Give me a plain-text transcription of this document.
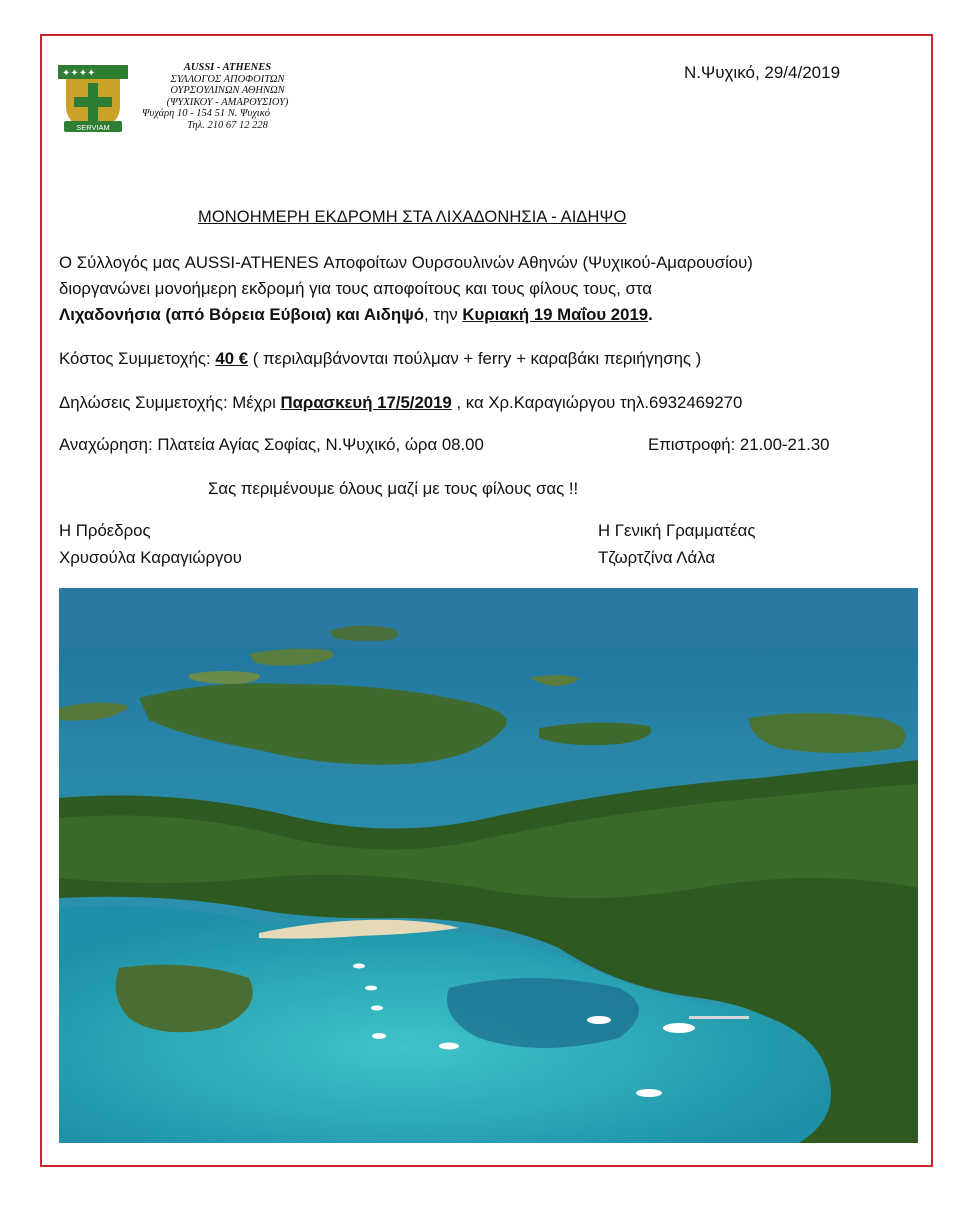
✦✦✦✦
SERVIAM
AUSSI - ATHENES
ΣΥΛΛΟΓΟΣ ΑΠΟΦΟΙΤΩΝ
ΟΥΡΣΟΥΛΙΝΩΝ ΑΘΗΝΩΝ
(ΨΥΧΙΚΟΥ - ΑΜΑΡΟΥΣΙΟΥ)
Ψυχάρη 10 - 154 51 Ν. Ψυχικό
Τηλ. 210 67 12 228
Ν.Ψυχικό, 29/4/2019
ΜΟΝΟΗΜΕΡΗ ΕΚΔΡΟΜΗ ΣΤΑ ΛΙΧΑΔΟΝΗΣΙΑ - ΑΙΔΗΨΟ
Ο Σύλλογός μας AUSSI-ATHENES Αποφοίτων Ουρσουλινών Αθηνών (Ψυχικού-Αμαρουσίου)
διοργανώνει μονοήμερη εκδρομή για τους αποφοίτους και τους φίλους τους, στα
Λιχαδονήσια (από Βόρεια Εύβοια) και Αιδηψό, την Κυριακή 19 Μαΐου 2019.
Κόστος Συμμετοχής: 40 € ( περιλαμβάνονται πούλμαν + ferry + καραβάκι περιήγησης )
Δηλώσεις Συμμετοχής: Μέχρι Παρασκευή 17/5/2019 , κα Χρ.Καραγιώργου τηλ.6932469270
Αναχώρηση: Πλατεία Αγίας Σοφίας, Ν.Ψυχικό, ώρα 08.00	Επιστροφή: 21.00-21.30
Σας περιμένουμε όλους μαζί με τους φίλους σας !!
Η Πρόεδρος
Χρυσούλα Καραγιώργου
Η Γενική Γραμματέας
Τζωρτζίνα Λάλα
